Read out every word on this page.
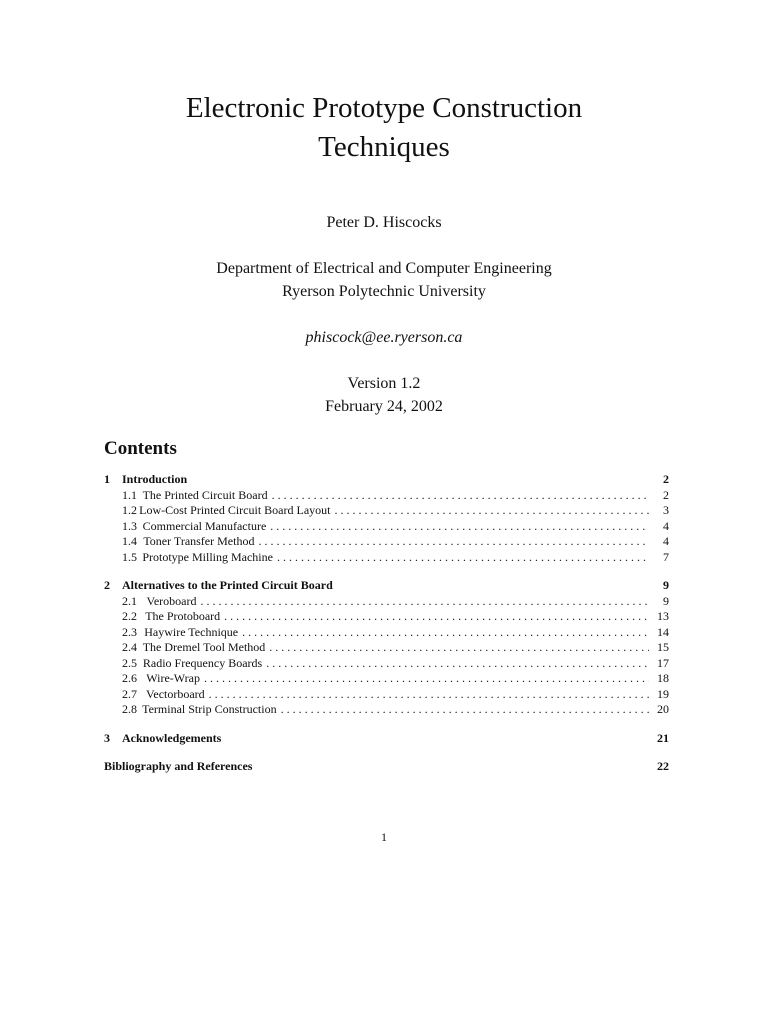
Electronic Prototype Construction
Techniques
Peter D. Hiscocks
Department of Electrical and Computer Engineering
Ryerson Polytechnic University
phiscock@ee.ryerson.ca
Version 1.2
February 24, 2002
Contents
1	Introduction	2
1.1 The Printed Circuit Board . . .	2
1.2 Low-Cost Printed Circuit Board Layout . . .	3
1.3 Commercial Manufacture . . .	4
1.4 Toner Transfer Method . . .	4
1.5 Prototype Milling Machine . . .	7
2	Alternatives to the Printed Circuit Board	9
2.1 Veroboard . . .	9
2.2 The Protoboard . . .	13
2.3 Haywire Technique . . .	14
2.4 The Dremel Tool Method . . .	15
2.5 Radio Frequency Boards . . .	17
2.6 Wire-Wrap . . .	18
2.7 Vectorboard . . .	19
2.8 Terminal Strip Construction . . .	20
3	Acknowledgements	21
Bibliography and References	22
1
